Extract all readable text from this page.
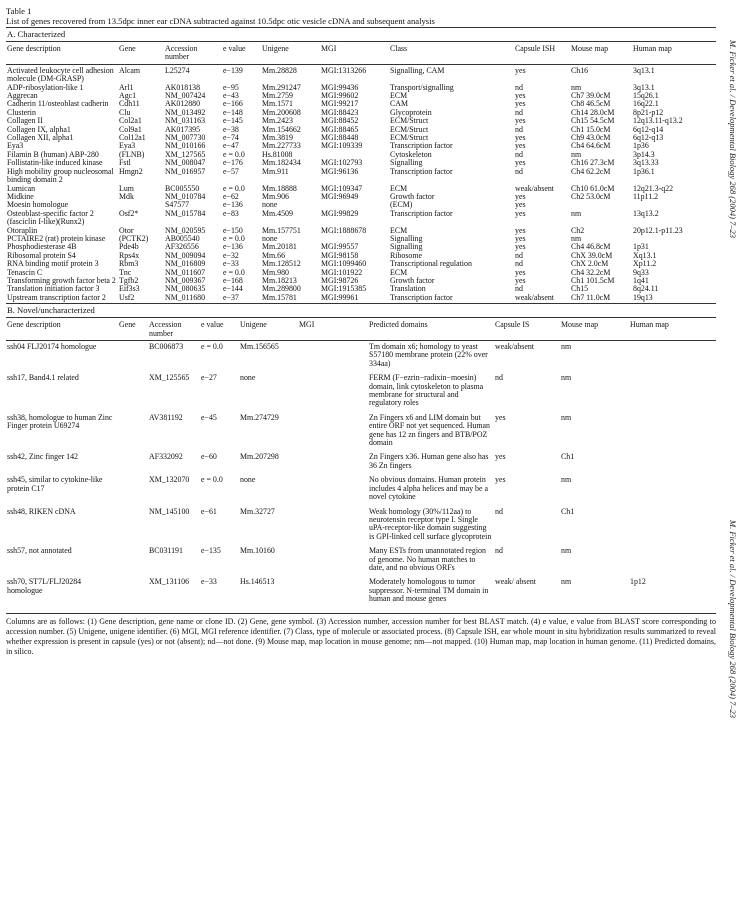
Table 1
List of genes recovered from 13.5dpc inner ear cDNA subtracted against 10.5dpc otic vesicle cDNA and subsequent analysis
A. Characterized
Gene description	Gene	Accession number	e value	Unigene	MGI	Class	Capsule ISH	Mouse map	Human map
Activated leukocyte cell adhesion molecule (DM-GRASP)	Alcam	L25274	e−139	Mm.28828	MGI:1313266	Signalling, CAM	yes	Ch16	3q13.1
ADP-ribosylation-like 1	Arl1	AK018138	e−95	Mm.291247	MGI:99436	Transport/signalling	nd	nm	3q13.1
Aggrecan	Agc1	NM_007424	e−43	Mm.2759	MGI:99602	ECM	yes	Ch7 39.0cM	15q26.1
Cadherin 11/osteoblast cadherin	Cdh11	AK012880	e−166	Mm.1571	MGI:99217	CAM	yes	Ch8 46.5cM	16q22.1
Clusterin	Clu	NM_013492	e−148	Mm.200608	MGI:88423	Glycoprotein	nd	Ch14 28.0cM	8p21-p12
Collagen II	Col2a1	NM_031163	e−145	Mm.2423	MGI:88452	ECM/Struct	yes	Ch15 54.5cM	12q13.11-q13.2
Collagen IX, alpha1	Col9a1	AK017395	e−38	Mm.154662	MGI:88465	ECM/Struct	nd	Ch1 15.0cM	6q12-q14
Collagen XII, alpha1	Col12a1	NM_007730	e−74	Mm.3819	MGI:88448	ECM/Struct	yes	Ch9 43.0cM	6q12-q13
Eya3	Eya3	NM_010166	e−47	Mm.227733	MGI:109339	Transcription factor	yes	Ch4 64.6cM	1p36
Filamin B (human) ABP-280	(FLNB)	XM_127565	e = 0.0	Hs.81008		Cytoskeleton	nd	nm	3p14.3
Follistatin-like induced kinase	Fstl	NM_008047	e−176	Mm.182434	MGI:102793	Signalling	yes	Ch16 27.3cM	3q13.33
High mobility group nucleosomal binding domain 2	Hmgn2	NM_016957	e−57	Mm.911	MGI:96136	Transcription factor	nd	Ch4 62.2cM	1p36.1
Lumican	Lum	BC005550	e = 0.0	Mm.18888	MGI:109347	ECM	weak/absent	Ch10 61.0cM	12q21.3-q22
Midkine	Mdk	NM_010784	e−62	Mm.906	MGI:96949	Growth factor	yes	Ch2 53.0cM	11p11.2
Moesin homologue		S47577	e−136	none		(ECM)	yes		
Osteoblast-specific factor 2 (fasciclin I-like)(Runx2)	Osf2*	NM_015784	e−83	Mm.4509	MGI:99829	Transcription factor	yes	nm	13q13.2
Otoraplin	Otor	NM_020595	e−150	Mm.157751	MGI:1888678	ECM	yes	Ch2	20p12.1-p11.23
PCTAIRE2 (rat) protein kinase	(PCTK2)	AB005540	e = 0.0	none		Signalling	yes	nm	
Phosphodiesterase 4B	Pde4b	AF326556	e−136	Mm.20181	MGI:99557	Signalling	yes	Ch4 46.8cM	1p31
Ribosomal protein S4	Rps4x	NM_009094	e−32	Mm.66	MGI:98158	Ribosome	nd	ChX 39.0cM	Xq13.1
RNA binding motif protein 3	Rbm3	NM_016809	e−33	Mm.128512	MGI:1099460	Transcriptional regulation	nd	ChX 2.0cM	Xp11.2
Tenascin C	Tnc	NM_011607	e = 0.0	Mm.980	MGI:101922	ECM	yes	Ch4 32.2cM	9q33
Transforming growth factor beta 2	Tgfb2	NM_009367	e−168	Mm.18213	MGI:98726	Growth factor	yes	Ch1 101.5cM	1q41
Translation initiation factor 3	Eif3s3	NM_080635	e−144	Mm.289800	MGI:1915385	Translation	nd	Ch15	8q24.11
Upstream transcription factor 2	Usf2	NM_011680	e−37	Mm.15781	MGI:99961	Transcription factor	weak/absent	Ch7 11.0cM	19q13
B. Novel/uncharacterized
Gene description	Gene	Accession number	e value	Unigene	MGI	Predicted domains	Capsule IS	Mouse map	Human map
ssh04 FLJ20174 homologue		BC006873	e = 0.0	Mm.156565		Tm domain x6; homology to yeast S57180 membrane protein (22% over 334aa)	weak/absent	nm	
ssh17, Band4.1 related		XM_125565	e−27	none		FERM (F−ezrin−radixin−moesin) domain, link cytoskeleton to plasma membrane for structural and regulatory roles	nd	nm	
ssh38, homologue to human Zinc Finger protein U69274		AV381192	e−45	Mm.274729		Zn Fingers x6 and LIM domain but entire ORF not yet sequenced. Human gene has 12 zn fingers and BTB/POZ domain	yes	nm	
ssh42, Zinc finger 142		AF332092	e−60	Mm.207298		Zn Fingers x36. Human gene also has 36 Zn fingers	yes	Ch1	
ssh45, similar to cytokine-like protein C17		XM_132070	e = 0.0	none		No obvious domains. Human protein includes 4 alpha helices and may be a novel cytokine	yes	nm	
ssh48, RIKEN cDNA		NM_145100	e−61	Mm.32727		Weak homology (30%/112aa) to neurotensin receptor type I. Single uPA-receptor-like domain suggesting is GPI-linked cell surface glycoprotein	nd	Ch1	
ssh57, not annotated		BC031191	e−135	Mm.10160		Many ESTs from unannotated region of genome. No human matches to date, and no obvious ORFs	nd	nm	
ssh70, ST7L/FLJ20284 homologue		XM_131106	e−33	Hs.146513		Moderately homologous to tumor suppressor. N-terminal TM domain in human and mouse genes	weak/ absent	nm	1p12
Columns are as follows: (1) Gene description, gene name or clone ID. (2) Gene, gene symbol. (3) Accession number, accession number for best BLAST match. (4) e value, e value from BLAST score corresponding to accession number. (5) Unigene, unigene identifier. (6) MGI, MGI reference identifier. (7) Class, type of molecule or associated process. (8) Capsule ISH, ear whole mount in situ hybridization results summarized to reveal whether expression is present in capsule (yes) or not (absent); nd—not done. (9) Mouse map, map location in mouse genome; nm—not mapped. (10) Human map, map location in human genome. (11) Predicted domains, in silico.
M. Ficker et al. / Developmental Biology 268 (2004) 7–23
M. Ficker et al. / Developmental Biology 268 (2004) 7–23
